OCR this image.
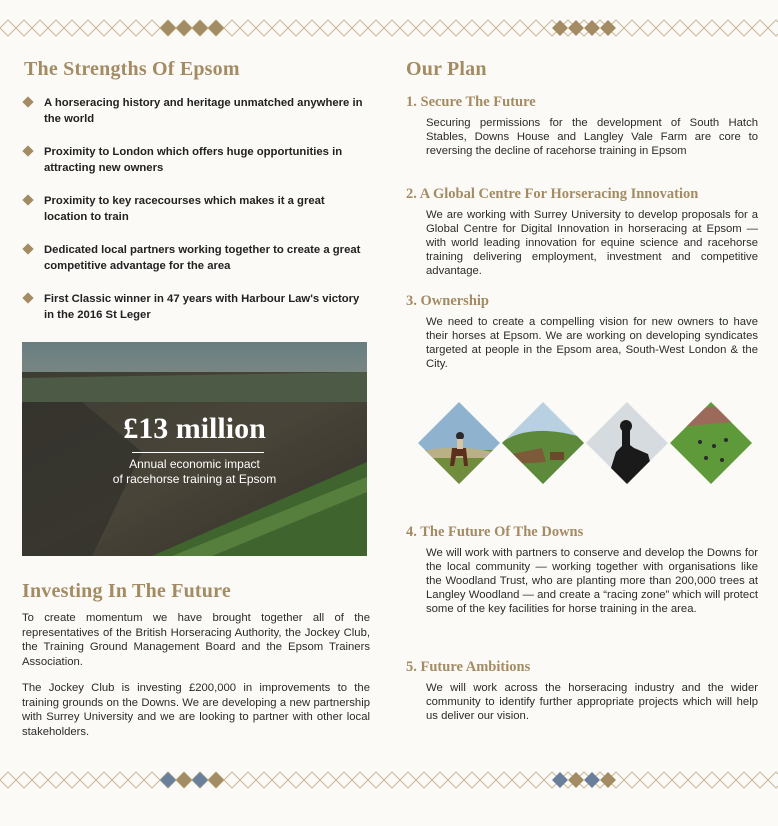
The Strengths Of Epsom
A horseracing history and heritage unmatched anywhere in the world
Proximity to London which offers huge opportunities in attracting new owners
Proximity to key racecourses which makes it a great location to train
Dedicated local partners working together to create a great competitive advantage for the area
First Classic winner in 47 years with Harbour Law's victory in the 2016 St Leger
£13 million
Annual economic impact
of racehorse training at Epsom
Investing In The Future

To create momentum we have brought together all of the representatives of the British Horseracing Authority, the Jockey Club, the Training Ground Management Board and the Epsom Trainers Association.

The Jockey Club is investing £200,000 in improvements to the training grounds on the Downs. We are developing a new partnership with Surrey University and we are looking to partner with other local stakeholders.

Our Plan
1. Secure The Future

Securing permissions for the development of South Hatch Stables, Downs House and Langley Vale Farm are core to reversing the decline of racehorse training in Epsom

2. A Global Centre For Horseracing Innovation

We are working with Surrey University to develop proposals for a Global Centre for Digital Innovation in horseracing at Epsom — with world leading innovation for equine science and racehorse training delivering employment, investment and competitive advantage.

3. Ownership

We need to create a compelling vision for new owners to have their horses at Epsom. We are working on developing syndicates targeted at people in the Epsom area, South-West London & the City.

4. The Future Of The Downs

We will work with partners to conserve and develop the Downs for the local community — working together with organisations like the Woodland Trust, who are planting more than 200,000 trees at Langley Woodland — and create a “racing zone” which will protect some of the key facilities for horse training in the area.

5. Future Ambitions

We will work across the horseracing industry and the wider community to identify further appropriate projects which will help us deliver our vision.
